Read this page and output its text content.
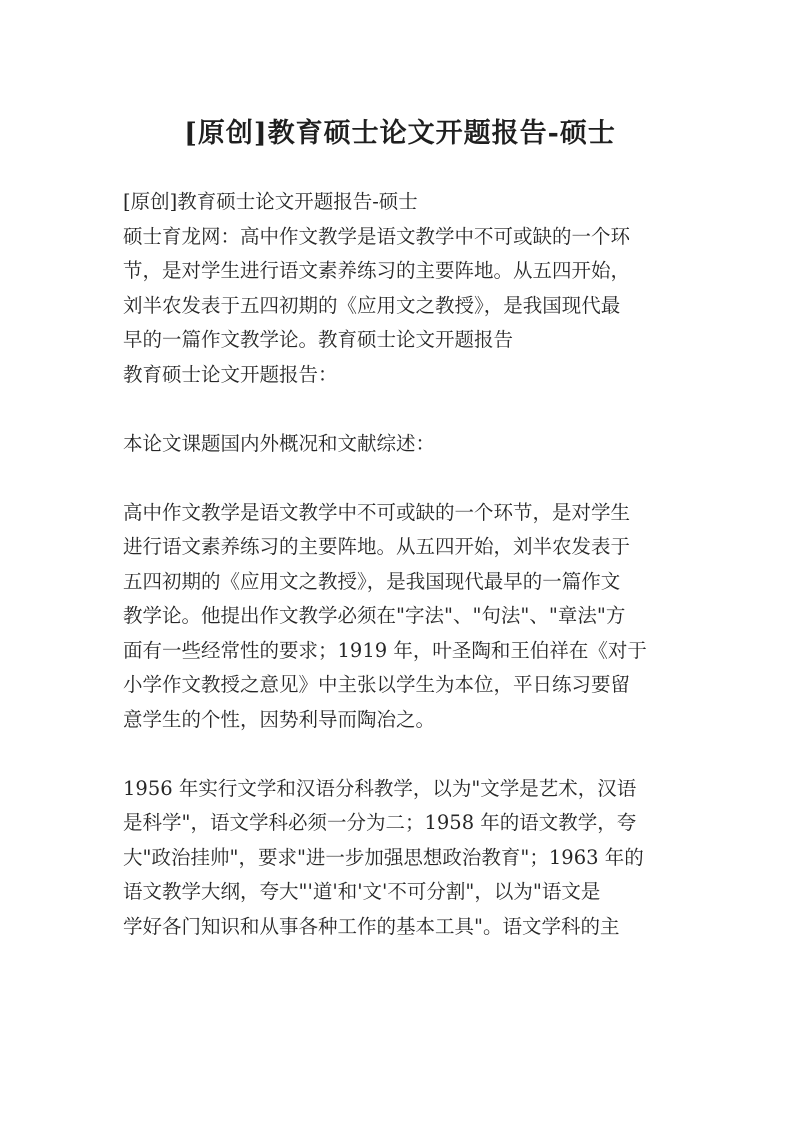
[原创]教育硕士论文开题报告-硕士
[原创]教育硕士论文开题报告-硕士
硕士育龙网：高中作文教学是语文教学中不可或缺的一个环
节，是对学生进行语文素养练习的主要阵地。从五四开始，
刘半农发表于五四初期的《应用文之教授》，是我国现代最
早的一篇作文教学论。教育硕士论文开题报告
教育硕士论文开题报告：
本论文课题国内外概况和文献综述：
高中作文教学是语文教学中不可或缺的一个环节，是对学生
进行语文素养练习的主要阵地。从五四开始，刘半农发表于
五四初期的《应用文之教授》，是我国现代最早的一篇作文
教学论。他提出作文教学必须在"字法"、"句法"、"章法"方
面有一些经常性的要求；1919 年，叶圣陶和王伯祥在《对于
小学作文教授之意见》中主张以学生为本位，平日练习要留
意学生的个性，因势利导而陶冶之。
1956 年实行文学和汉语分科教学，以为"文学是艺术，汉语
是科学"，语文学科必须一分为二；1958 年的语文教学，夸
大"政治挂帅"，要求"进一步加强思想政治教育"；1963 年的
语文教学大纲，夸大"'道'和'文'不可分割"，以为"语文是
学好各门知识和从事各种工作的基本工具"。语文学科的主
